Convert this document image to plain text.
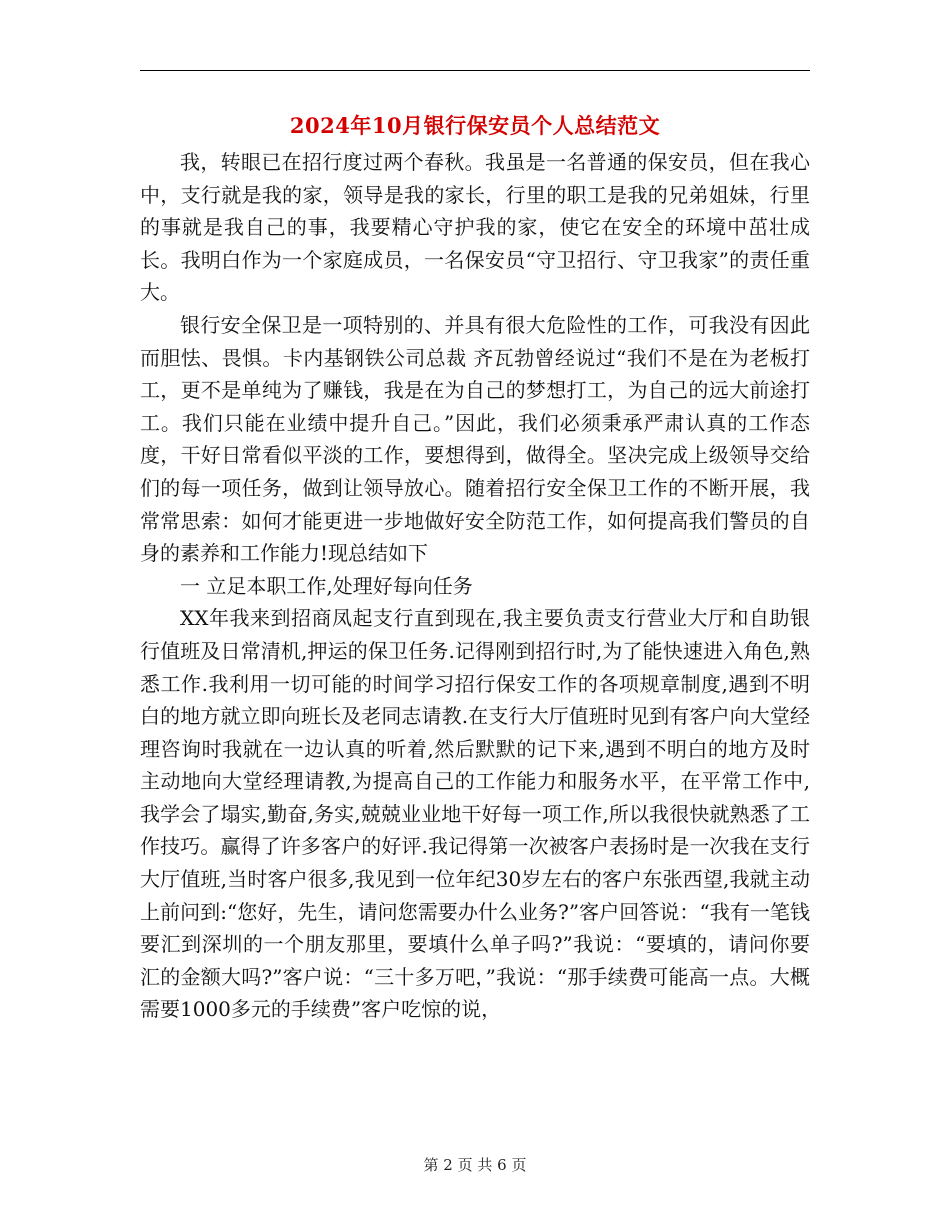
2024年10月银行保安员个人总结范文

我，转眼已在招行度过两个春秋。我虽是一名普通的保安员，但在我心中，支行就是我的家，领导是我的家长，行里的职工是我的兄弟姐妹，行里的事就是我自己的事，我要精心守护我的家，使它在安全的环境中茁壮成长。我明白作为一个家庭成员，一名保安员“守卫招行、守卫我家”的责任重大。

银行安全保卫是一项特别的、并具有很大危险性的工作，可我没有因此而胆怯、畏惧。卡内基钢铁公司总裁 齐瓦勃曾经说过“我们不是在为老板打工，更不是单纯为了赚钱，我是在为自己的梦想打工，为自己的远大前途打工。我们只能在业绩中提升自己。”因此，我们必须秉承严肃认真的工作态度，干好日常看似平淡的工作，要想得到，做得全。坚决完成上级领导交给们的每一项任务，做到让领导放心。随着招行安全保卫工作的不断开展，我常常思索：如何才能更进一步地做好安全防范工作，如何提高我们警员的自身的素养和工作能力!现总结如下

一 立足本职工作,处理好每向任务

XX年我来到招商凤起支行直到现在,我主要负责支行营业大厅和自助银行值班及日常清机,押运的保卫任务.记得刚到招行时,为了能快速进入角色,熟悉工作.我利用一切可能的时间学习招行保安工作的各项规章制度,遇到不明白的地方就立即向班长及老同志请教.在支行大厅值班时见到有客户向大堂经理咨询时我就在一边认真的听着,然后默默的记下来,遇到不明白的地方及时主动地向大堂经理请教,为提高自己的工作能力和服务水平，在平常工作中,我学会了塌实,勤奋,务实,兢兢业业地干好每一项工作,所以我很快就熟悉了工作技巧。赢得了许多客户的好评.我记得第一次被客户表扬时是一次我在支行大厅值班,当时客户很多,我见到一位年纪30岁左右的客户东张西望,我就主动上前问到:“您好，先生，请问您需要办什么业务?”客户回答说：“我有一笔钱要汇到深圳的一个朋友那里，要填什么单子吗?”我说：“要填的，请问你要汇的金额大吗?”客户说：“三十多万吧，”我说：“那手续费可能高一点。大概需要1000多元的手续费”客户吃惊的说，

第 2 页 共 6 页
